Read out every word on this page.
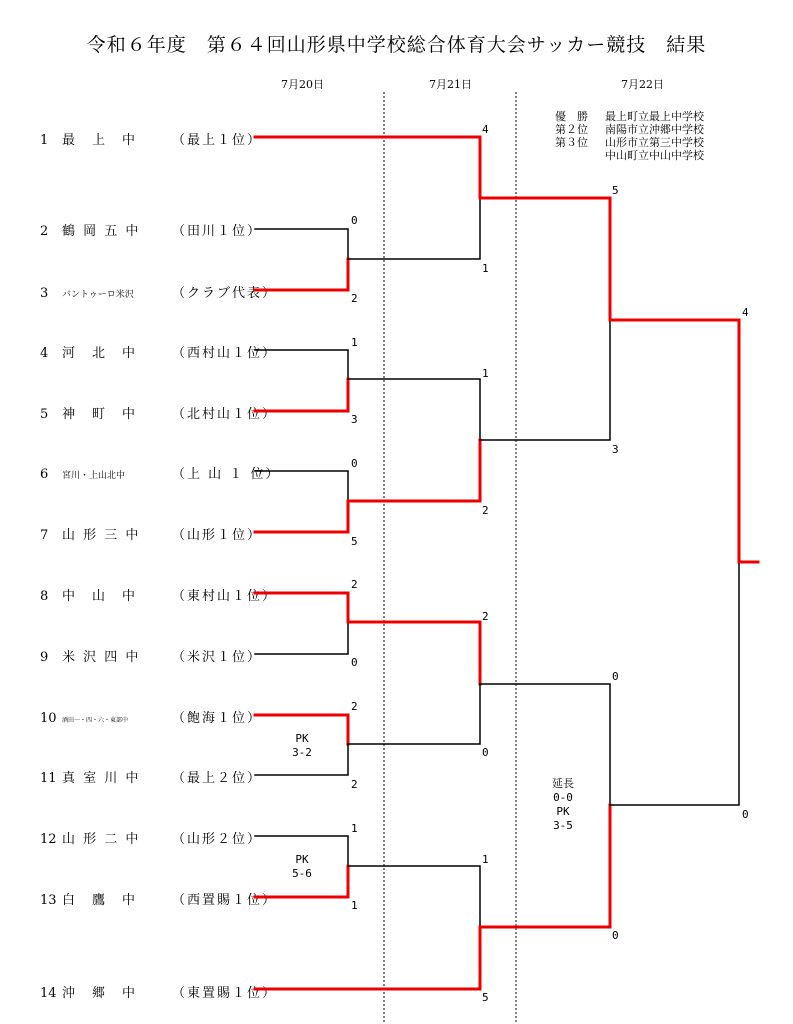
令和６年度　第６４回山形県中学校総合体育大会サッカー競技　結果
7月20日	7月21日	7月22日
優　勝 最上町立最上中学校
第２位 南陽市立沖郷中学校
第３位 山形市立第三中学校
中山町立中山中学校
1 最　上　中	（最上１位）
2 鶴 岡 五 中 （田川１位）
3 バントゥーロ米沢	（クラブ代表）
4 河　北　中	（西村山１位）
5 神　町　中	（北村山１位）
6 宮川・上山北中	（上 山 １ 位）
7 山 形 三 中 （山形１位）
8 中　山　中	（東村山１位）
9 米 沢 四 中 （米沢１位）
10 酒田一・四・六・東部中	（飽海１位）
11 真 室 川 中 （最上２位）
12 山 形 二 中 （山形２位）
13 白　鷹　中	（西置賜１位）
14 沖　郷　中	（東置賜１位）
0
2
1
3
0
5
2
0
2
2
1
1
4
1
1
2
2
0
1
5
5
3
0
0
4
0
PK
3-2
PK
5-6
延長
0-0
PK
3-5
